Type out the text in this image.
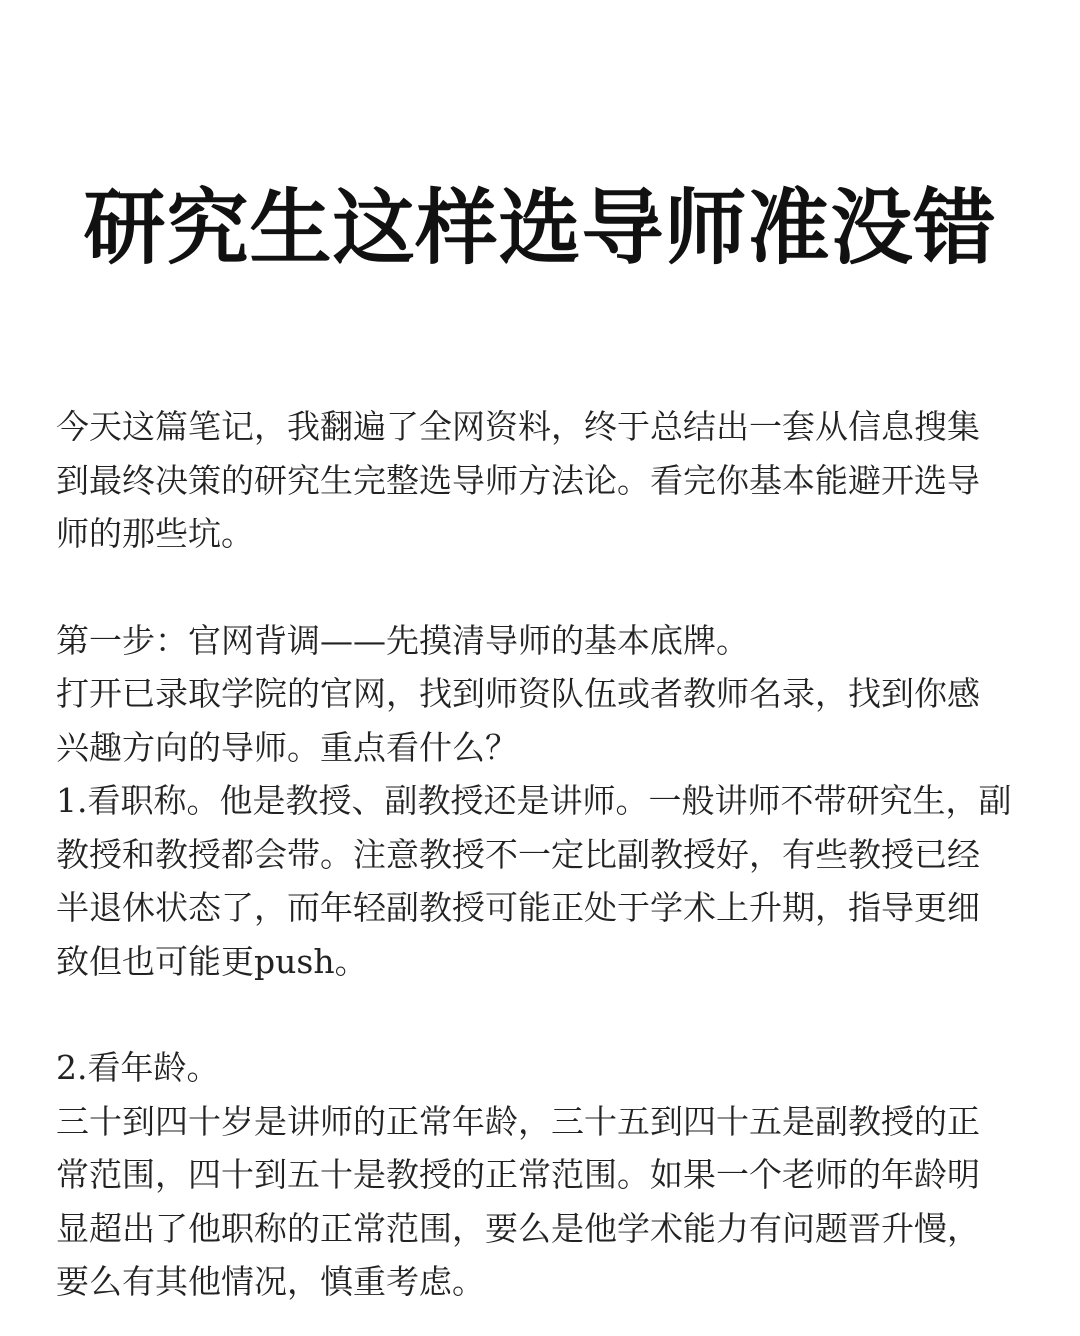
研究生这样选导师准没错

今天这篇笔记，我翻遍了全网资料，终于总结出一套从信息搜集

到最终决策的研究生完整选导师方法论。看完你基本能避开选导

师的那些坑。

第一步：官网背调——先摸清导师的基本底牌。

打开已录取学院的官网，找到师资队伍或者教师名录，找到你感

兴趣方向的导师。重点看什么？

1.看职称。他是教授、副教授还是讲师。一般讲师不带研究生，副

教授和教授都会带。注意教授不一定比副教授好，有些教授已经

半退休状态了，而年轻副教授可能正处于学术上升期，指导更细

致但也可能更push。

2.看年龄。

三十到四十岁是讲师的正常年龄，三十五到四十五是副教授的正

常范围，四十到五十是教授的正常范围。如果一个老师的年龄明

显超出了他职称的正常范围，要么是他学术能力有问题晋升慢，

要么有其他情况，慎重考虑。
